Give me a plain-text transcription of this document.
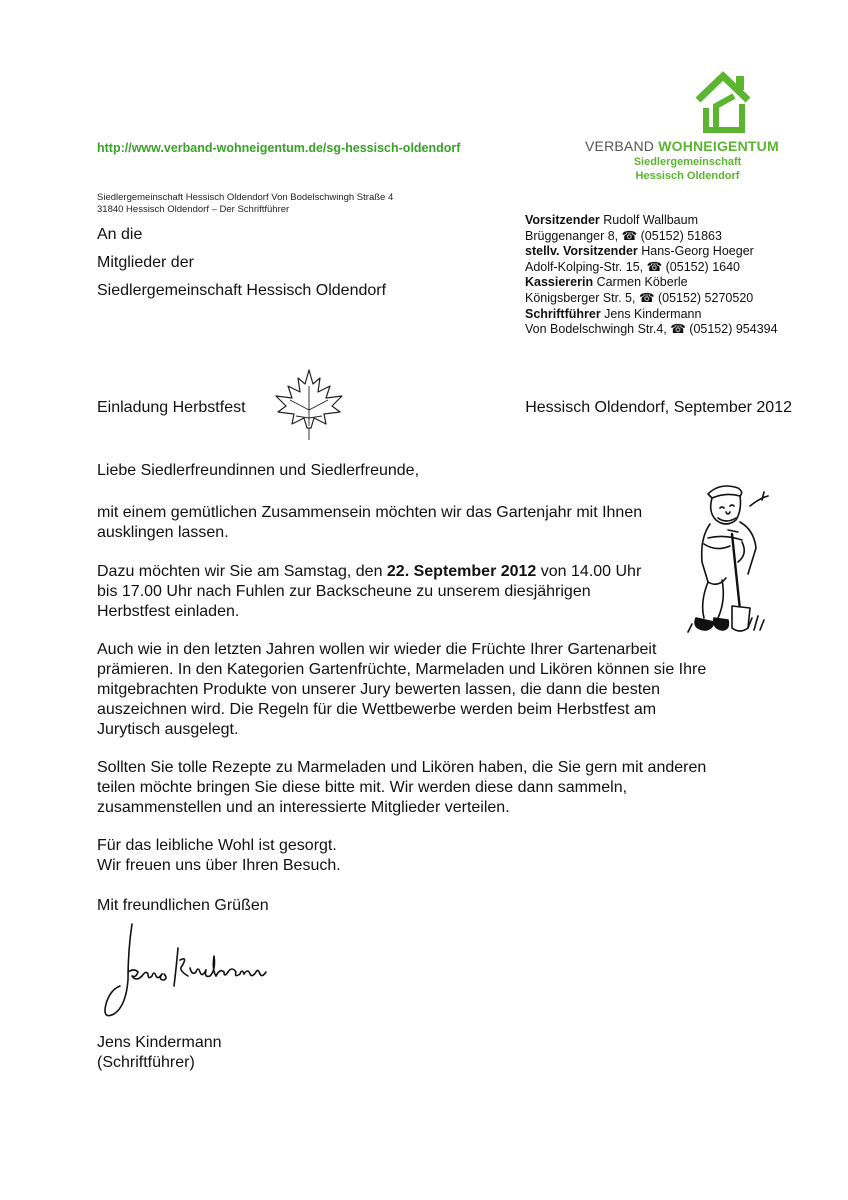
http://www.verband-wohneigentum.de/sg-hessisch-oldendorf	VERBAND WOHNEIGENTUM
Siedlergemeinschaft
Hessisch Oldendorf
Siedlergemeinschaft Hessisch Oldendorf Von Bodelschwingh Straße 4
31840 Hessisch Oldendorf – Der Schriftführer
An die
Mitglieder der
Siedlergemeinschaft Hessisch Oldendorf
Vorsitzender Rudolf Wallbaum
Brüggenanger 8, ☎ (05152) 51863
stellv. Vorsitzender Hans-Georg Hoeger
Adolf-Kolping-Str. 15, ☎ (05152) 1640
Kassiererin Carmen Köberle
Königsberger Str. 5, ☎ (05152) 5270520
Schriftführer Jens Kindermann
Von Bodelschwingh Str.4, ☎ (05152) 954394
Einladung Herbstfest	Hessisch Oldendorf, September 2012
Liebe Siedlerfreundinnen und Siedlerfreunde,
mit einem gemütlichen Zusammensein möchten wir das Gartenjahr mit Ihnen
ausklingen lassen.
Dazu möchten wir Sie am Samstag, den 22. September 2012 von 14.00 Uhr
bis 17.00 Uhr nach Fuhlen zur Backscheune zu unserem diesjährigen
Herbstfest einladen.
Auch wie in den letzten Jahren wollen wir wieder die Früchte Ihrer Gartenarbeit
prämieren. In den Kategorien Gartenfrüchte, Marmeladen und Likören können sie Ihre
mitgebrachten Produkte von unserer Jury bewerten lassen, die dann die besten
auszeichnen wird. Die Regeln für die Wettbewerbe werden beim Herbstfest am
Jurytisch ausgelegt.
Sollten Sie tolle Rezepte zu Marmeladen und Likören haben, die Sie gern mit anderen
teilen möchte bringen Sie diese bitte mit. Wir werden diese dann sammeln,
zusammenstellen und an interessierte Mitglieder verteilen.
Für das leibliche Wohl ist gesorgt.
Wir freuen uns über Ihren Besuch.
Mit freundlichen Grüßen
Jens Kindermann
(Schriftführer)
